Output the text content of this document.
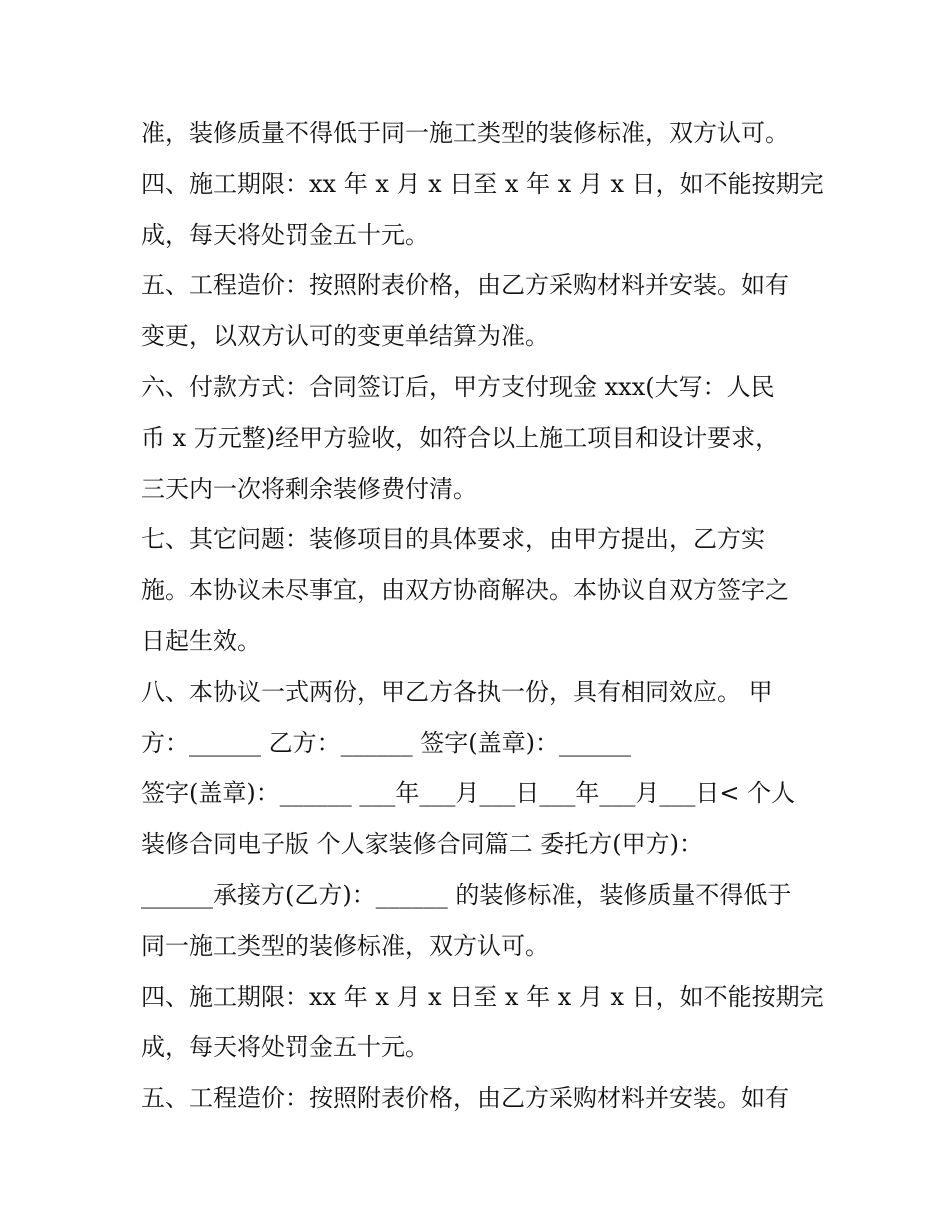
准，装修质量不得低于同一施工类型的装修标准，双方认可。
四、施工期限：xx 年 x 月 x 日至 x 年 x 月 x 日，如不能按期完
成，每天将处罚金五十元。
五、工程造价：按照附表价格，由乙方采购材料并安装。如有
变更，以双方认可的变更单结算为准。
六、付款方式：合同签订后，甲方支付现金 xxx(大写：人民
币 x 万元整)经甲方验收，如符合以上施工项目和设计要求，
三天内一次将剩余装修费付清。
七、其它问题：装修项目的具体要求，由甲方提出，乙方实
施。本协议未尽事宜，由双方协商解决。本协议自双方签字之
日起生效。
八、本协议一式两份，甲乙方各执一份，具有相同效应。 甲
方：______ 乙方：______ 签字(盖章)：______
签字(盖章)：______ ___年___月___日___年___月___日< 个人
装修合同电子版 个人家装修合同篇二 委托方(甲方)：
______承接方(乙方)：______ 的装修标准，装修质量不得低于
同一施工类型的装修标准，双方认可。
四、施工期限：xx 年 x 月 x 日至 x 年 x 月 x 日，如不能按期完
成，每天将处罚金五十元。
五、工程造价：按照附表价格，由乙方采购材料并安装。如有
